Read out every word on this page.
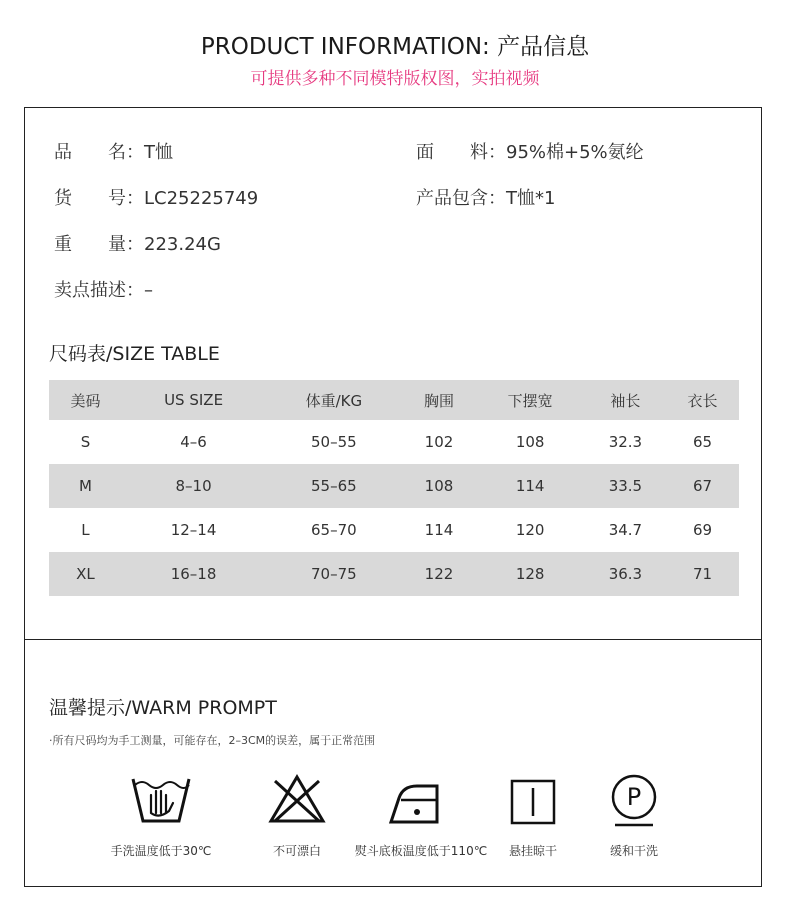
PRODUCT INFORMATION: 产品信息
可提供多种不同模特版权图，实拍视频
品　　名：T恤	面　　料：95%棉+5%氨纶
货　　号：LC25225749	产品包含：T恤*1
重　　量：223.24G
卖点描述：–
尺码表/SIZE TABLE
美码	US SIZE	体重/KG	胸围	下摆宽	袖长	衣长
S	4–6	50–55	102	108	32.3	65
M	8–10	55–65	108	114	33.5	67
L	12–14	65–70	114	120	34.7	69
XL	16–18	70–75	122	128	36.3	71
温馨提示/WARM PROMPT
·所有尺码均为手工测量，可能存在，2–3CM的误差，属于正常范围
手洗温度低于30℃	不可漂白	熨斗底板温度低于110℃	悬挂晾干
P
缓和干洗
